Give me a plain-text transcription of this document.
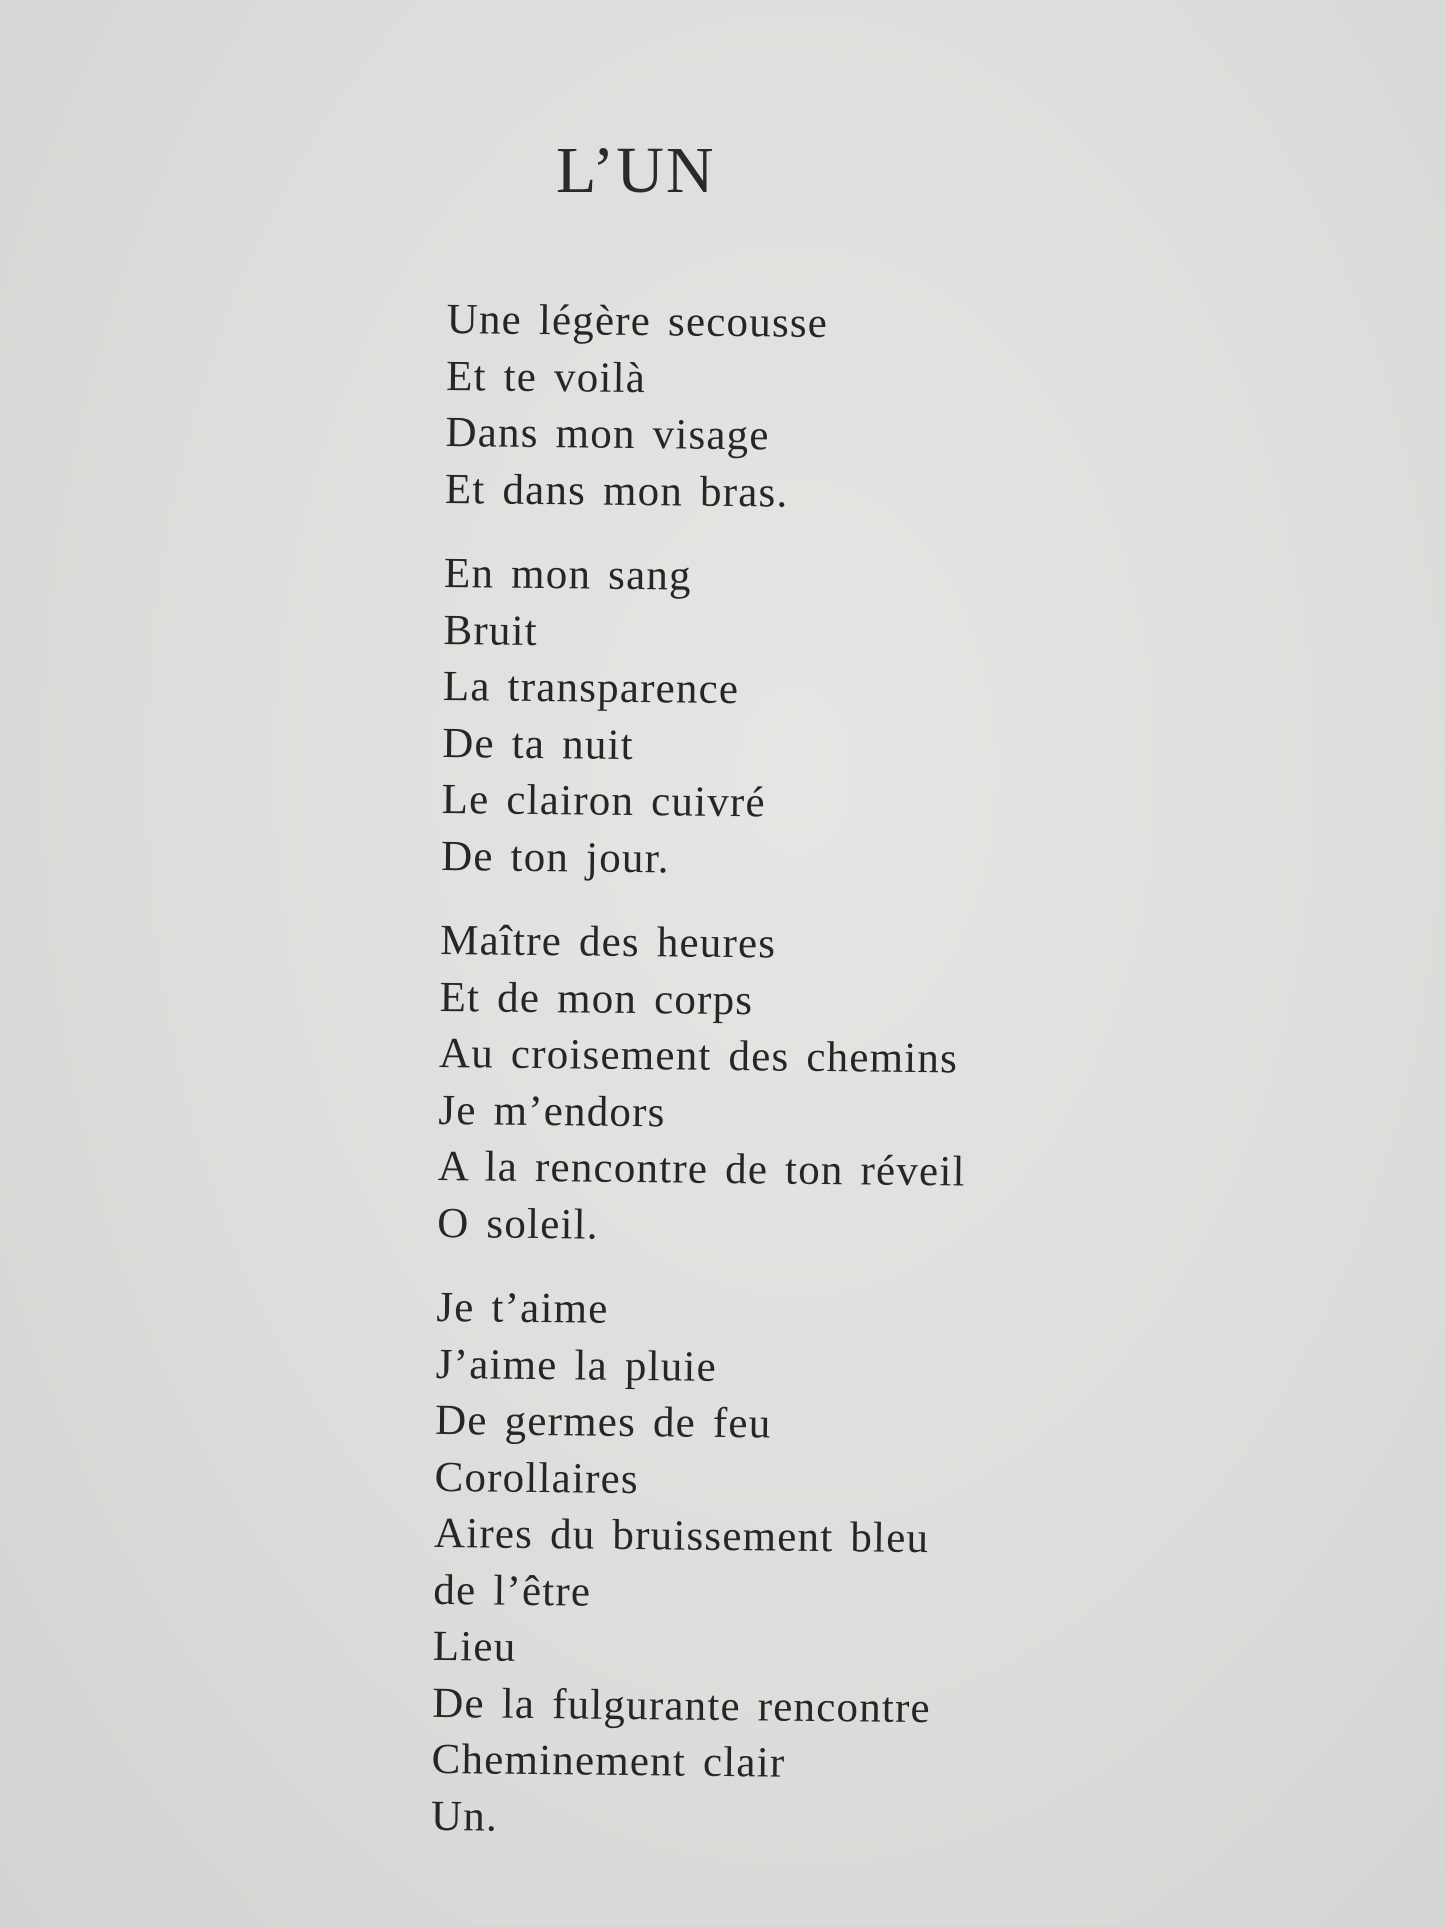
L’UN
Une légère secousse
Et te voilà
Dans mon visage
Et dans mon bras.
En mon sang
Bruit
La transparence
De ta nuit
Le clairon cuivré
De ton jour.
Maître des heures
Et de mon corps
Au croisement des chemins
Je m’endors
A la rencontre de ton réveil
O soleil.
Je t’aime
J’aime la pluie
De germes de feu
Corollaires
Aires du bruissement bleu
de l’être
Lieu
De la fulgurante rencontre
Cheminement clair
Un.
